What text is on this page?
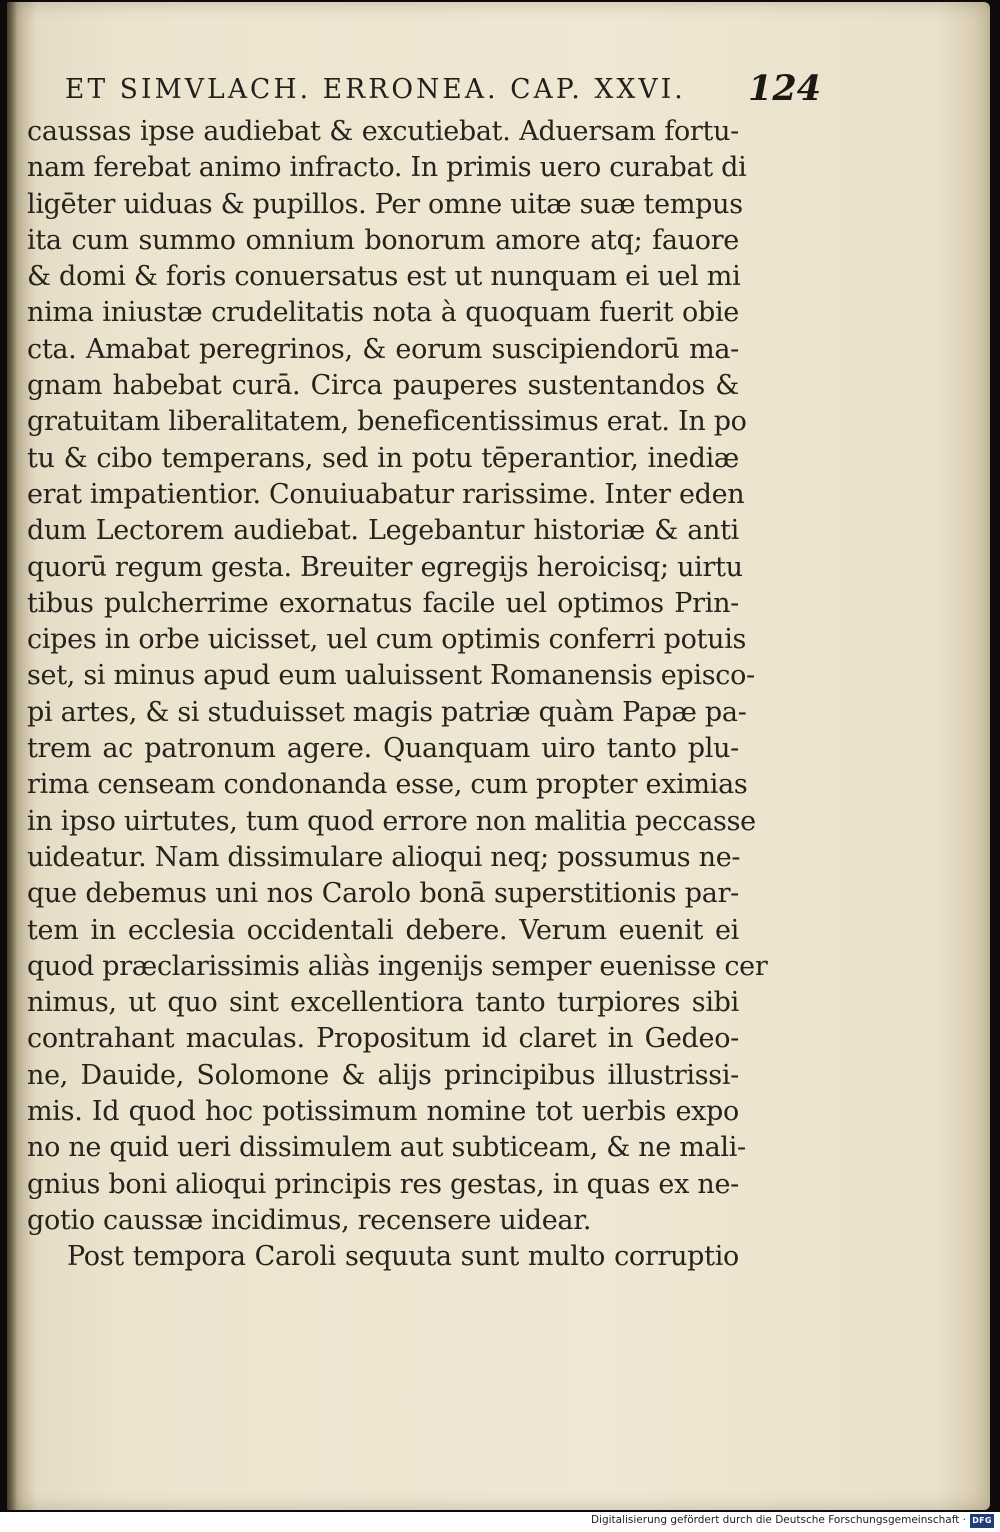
ET SIMVLACH. ERRONEA. CAP. XXVI. 124
caussas ipse audiebat & excutiebat. Aduersam fortu-
nam ferebat animo infracto. In primis uero curabat di
ligēter uiduas & pupillos. Per omne uitæ suæ tempus
ita cum summo omnium bonorum amore atq; fauore
& domi & foris conuersatus est ut nunquam ei uel mi
nima iniustæ crudelitatis nota à quoquam fuerit obie
cta. Amabat peregrinos, & eorum suscipiendorū ma-
gnam habebat curā. Circa pauperes sustentandos &
gratuitam liberalitatem, beneficentissimus erat. In po
tu & cibo temperans, sed in potu tēperantior, inediæ
erat impatientior. Conuiuabatur rarissime. Inter eden
dum Lectorem audiebat. Legebantur historiæ & anti
quorū regum gesta. Breuiter egregijs heroicisq; uirtu
tibus pulcherrime exornatus facile uel optimos Prin-
cipes in orbe uicisset, uel cum optimis conferri potuis
set, si minus apud eum ualuissent Romanensis episco-
pi artes, & si studuisset magis patriæ quàm Papæ pa-
trem ac patronum agere. Quanquam uiro tanto plu-
rima censeam condonanda esse, cum propter eximias
in ipso uirtutes, tum quod errore non malitia peccasse
uideatur. Nam dissimulare alioqui neq; possumus ne-
que debemus uni nos Carolo bonā superstitionis par-
tem in ecclesia occidentali debere. Verum euenit ei
quod præclarissimis aliàs ingenijs semper euenisse cer
nimus, ut quo sint excellentiora tanto turpiores sibi
contrahant maculas. Propositum id claret in Gedeo-
ne, Dauide, Solomone & alijs principibus illustrissi-
mis. Id quod hoc potissimum nomine tot uerbis expo
no ne quid ueri dissimulem aut subticeam, & ne mali-
gnius boni alioqui principis res gestas, in quas ex ne-
gotio caussæ incidimus, recensere uidear.
Post tempora Caroli sequuta sunt multo corruptio
Digitalisierung gefördert durch die Deutsche Forschungsgemeinschaft · DFG
